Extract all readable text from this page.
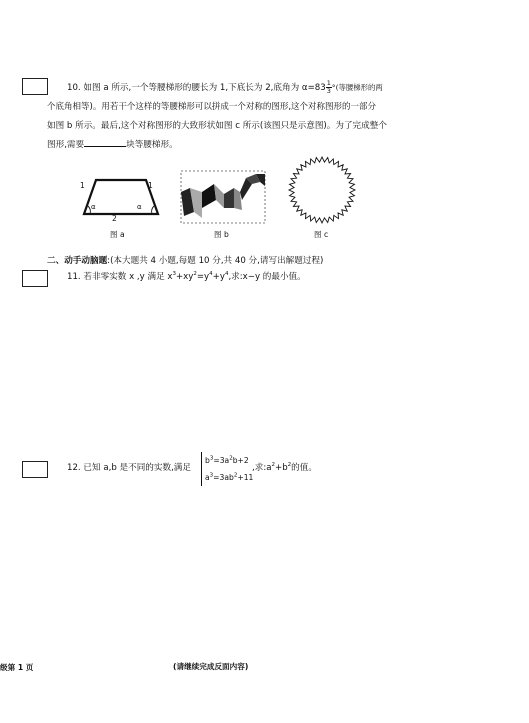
10. 如图 a 所示,一个等腰梯形的腰长为 1,下底长为 2,底角为 $\alpha=83 \frac{1}{3}$ °(等腰梯形的两
个底角相等)。用若干个这样的等腰梯形可以拼成一个对称的图形,这个对称图形的一部分
如图 b 所示。最后,这个对称图形的大致形状如图 c 所示(该图只是示意图)。为了完成整个
图形,需要	块等腰梯形。
1	1
α	α
2
图 a	图 b	图 c
二、动手动脑题:(本大题共 4 小题,每题 10 分,共 40 分,请写出解题过程)
11. 若非零实数 x ,y 满足 $x^3+xy^2=y^4+y^4$,求:x−y 的最小值。
12. 已知 a,b 是不同的实数,满足
$b^3=3a^2b+2$
$a^3=3ab^2+11$
,求$:a^2+b^2$的值。
级第 1 页	(请继续完成反面内容)
